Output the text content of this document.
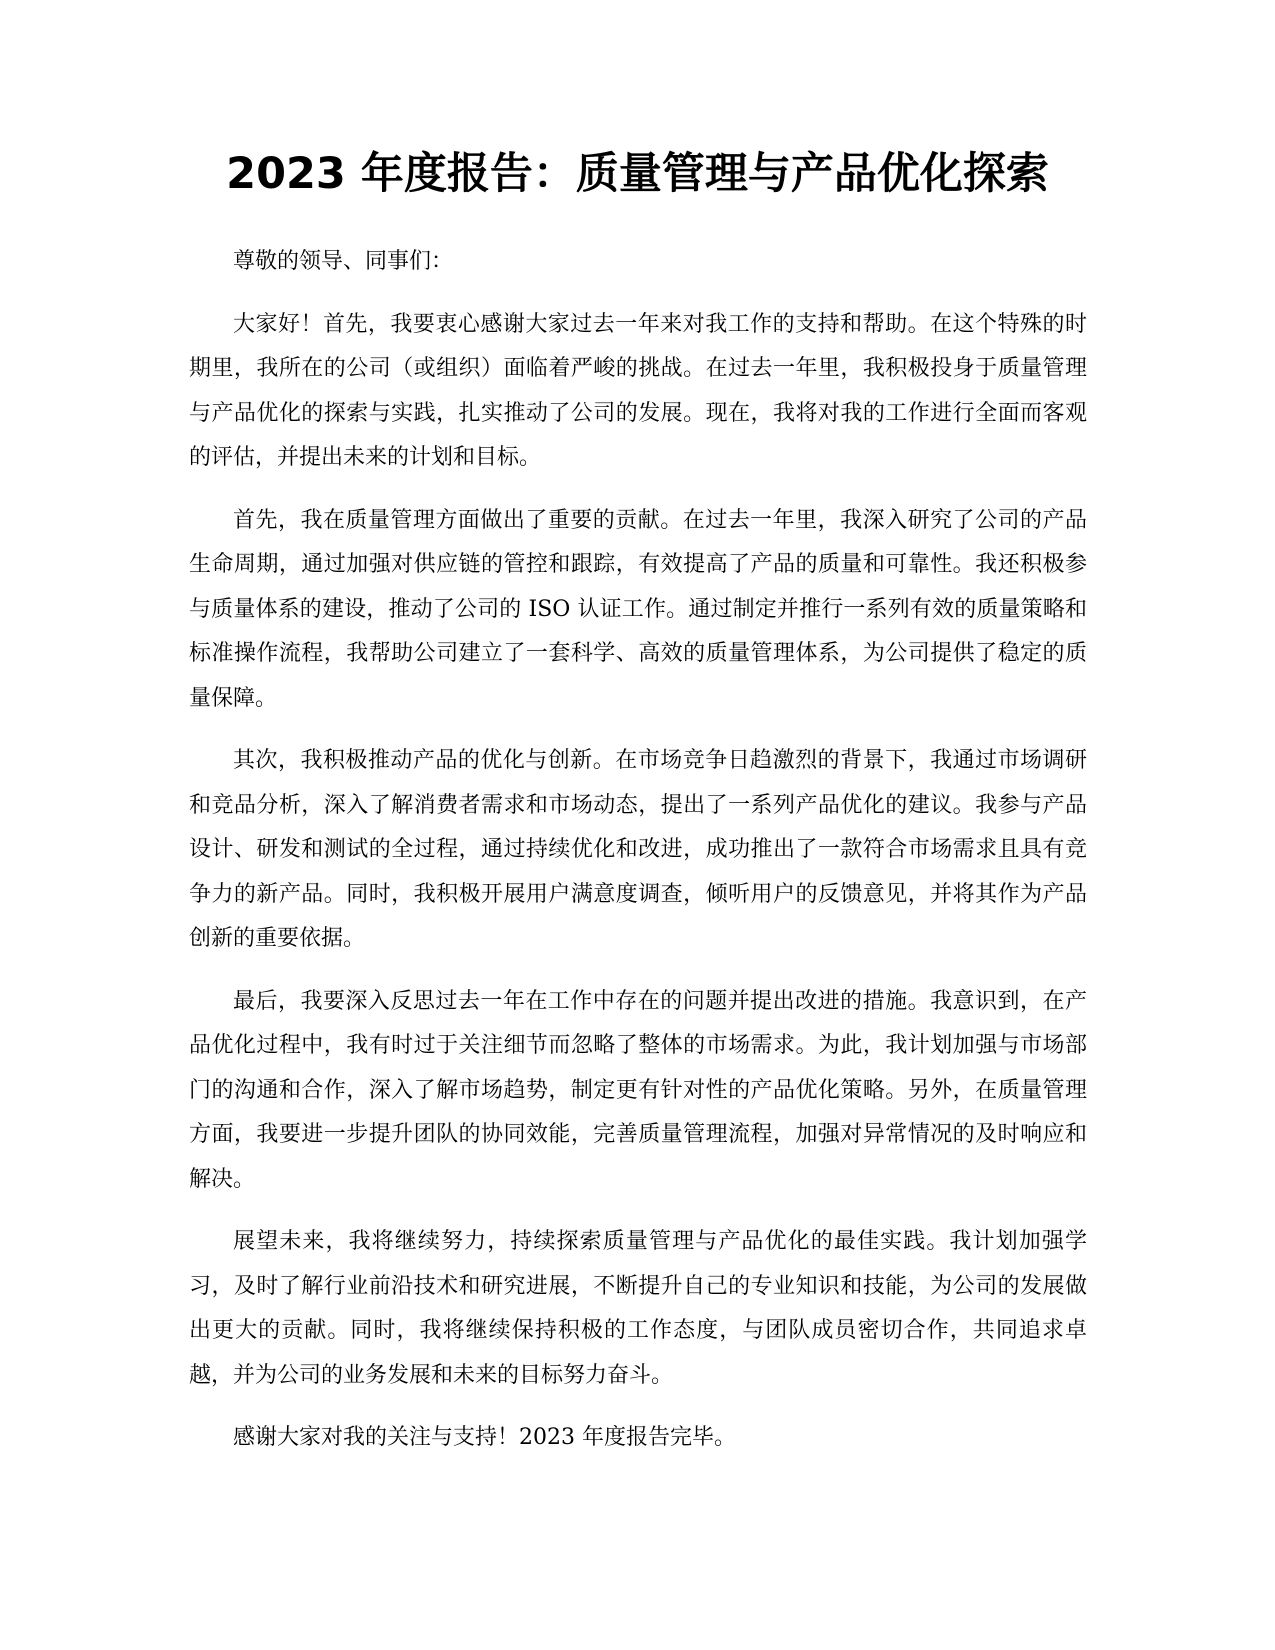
2023 年度报告：质量管理与产品优化探索

尊敬的领导、同事们：

大家好！首先，我要衷心感谢大家过去一年来对我工作的支持和帮助。在这个特殊的时期里，我所在的公司（或组织）面临着严峻的挑战。在过去一年里，我积极投身于质量管理与产品优化的探索与实践，扎实推动了公司的发展。现在，我将对我的工作进行全面而客观的评估，并提出未来的计划和目标。

首先，我在质量管理方面做出了重要的贡献。在过去一年里，我深入研究了公司的产品生命周期，通过加强对供应链的管控和跟踪，有效提高了产品的质量和可靠性。我还积极参与质量体系的建设，推动了公司的 ISO 认证工作。通过制定并推行一系列有效的质量策略和标准操作流程，我帮助公司建立了一套科学、高效的质量管理体系，为公司提供了稳定的质量保障。

其次，我积极推动产品的优化与创新。在市场竞争日趋激烈的背景下，我通过市场调研和竞品分析，深入了解消费者需求和市场动态，提出了一系列产品优化的建议。我参与产品设计、研发和测试的全过程，通过持续优化和改进，成功推出了一款符合市场需求且具有竞争力的新产品。同时，我积极开展用户满意度调查，倾听用户的反馈意见，并将其作为产品创新的重要依据。

最后，我要深入反思过去一年在工作中存在的问题并提出改进的措施。我意识到，在产品优化过程中，我有时过于关注细节而忽略了整体的市场需求。为此，我计划加强与市场部门的沟通和合作，深入了解市场趋势，制定更有针对性的产品优化策略。另外，在质量管理方面，我要进一步提升团队的协同效能，完善质量管理流程，加强对异常情况的及时响应和解决。

展望未来，我将继续努力，持续探索质量管理与产品优化的最佳实践。我计划加强学习，及时了解行业前沿技术和研究进展，不断提升自己的专业知识和技能，为公司的发展做出更大的贡献。同时，我将继续保持积极的工作态度，与团队成员密切合作，共同追求卓越，并为公司的业务发展和未来的目标努力奋斗。

感谢大家对我的关注与支持！2023 年度报告完毕。
